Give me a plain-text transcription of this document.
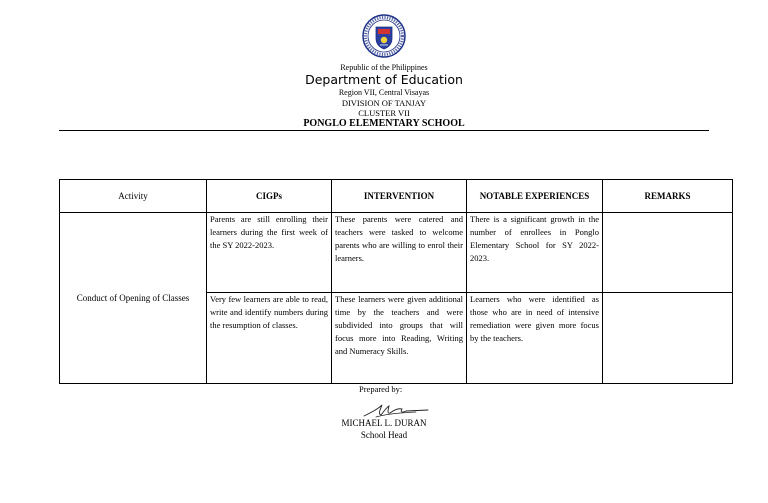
Republic of the Philippines
Department of Education
Region VII, Central Visayas
DIVISION OF TANJAY
CLUSTER VII
PONGLO ELEMENTARY SCHOOL
Activity	CIGPs	INTERVENTION	NOTABLE EXPERIENCES	REMARKS
Conduct of Opening of Classes	Parents are still enrolling their learners during the first week of the SY 2022-2023.	These parents were catered and teachers were tasked to welcome parents who are willing to enrol their learners.	There is a significant growth in the number of enrollees in Ponglo Elementary School for SY 2022-2023.	
	Very few learners are able to read, write and identify numbers during the resumption of classes.	These learners were given additional time by the teachers and were subdivided into groups that will focus more into Reading, Writing and Numeracy Skills.	Learners who were identified as those who are in need of intensive remediation were given more focus by the teachers.	
Prepared by:
MICHAEL L. DURAN
School Head
